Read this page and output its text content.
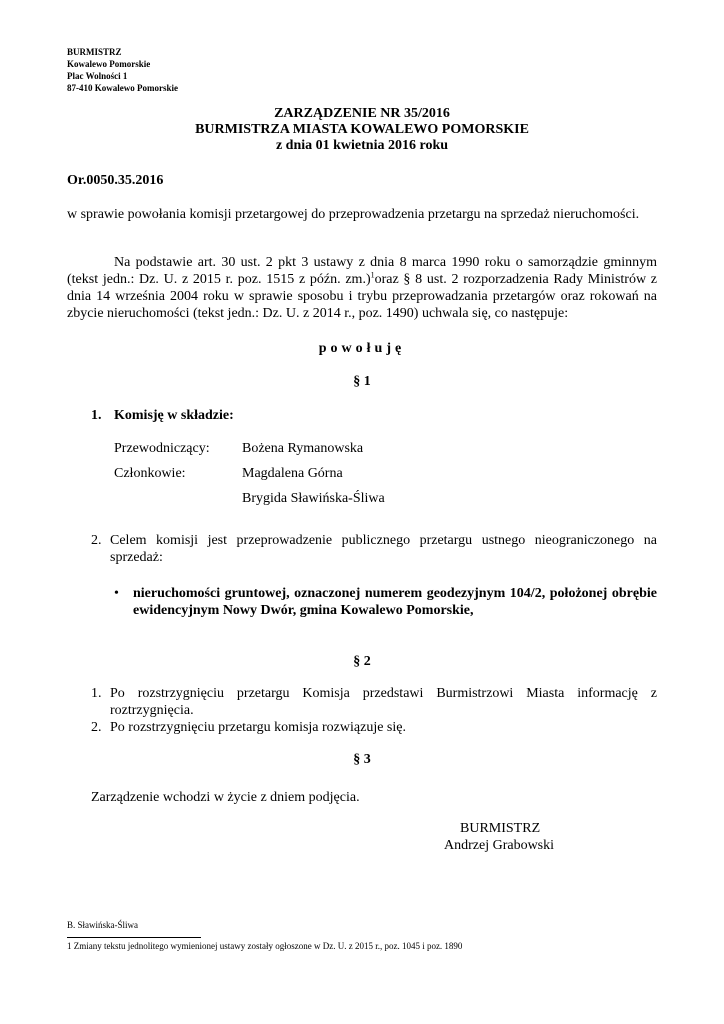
BURMISTRZ
Kowalewo Pomorskie
Plac Wolności 1
87-410 Kowalewo Pomorskie
ZARZĄDZENIE NR 35/2016
BURMISTRZA MIASTA KOWALEWO POMORSKIE
z dnia 01 kwietnia 2016 roku
Or.0050.35.2016
w sprawie powołania komisji przetargowej do przeprowadzenia przetargu na sprzedaż nieruchomości.
Na podstawie art. 30 ust. 2 pkt 3 ustawy z dnia 8 marca 1990 roku o samorządzie gminnym (tekst jedn.: Dz. U. z 2015 r. poz. 1515 z późn. zm.)$^1$oraz § 8 ust. 2 rozporzadzenia Rady Ministrów z dnia 14 września 2004 roku w sprawie sposobu i trybu przeprowadzania przetargów oraz rokowań na zbycie nieruchomości (tekst jedn.: Dz. U. z 2014 r., poz. 1490) uchwala się, co następuje:
powołuję
§ 1
1. Komisję w składzie:
Przewodniczący: Bożena Rymanowska
Członkowie:	Magdalena Górna
Brygida Sławińska-Śliwa
2. Celem komisji jest przeprowadzenie publicznego przetargu ustnego nieograniczonego na sprzedaż:
• nieruchomości gruntowej, oznaczonej numerem geodezyjnym 104/2, położonej obrębie ewidencyjnym Nowy Dwór, gmina Kowalewo Pomorskie,
§ 2
1. Po rozstrzygnięciu przetargu Komisja przedstawi Burmistrzowi Miasta informację z roztrzygnięcia.
2. Po rozstrzygnięciu przetargu komisja rozwiązuje się.
§ 3
Zarządzenie wchodzi w życie z dniem podjęcia.
BURMISTRZ
Andrzej Grabowski
B. Sławińska-Śliwa
1 Zmiany tekstu jednolitego wymienionej ustawy zostały ogłoszone w Dz. U. z 2015 r., poz. 1045 i poz. 1890
